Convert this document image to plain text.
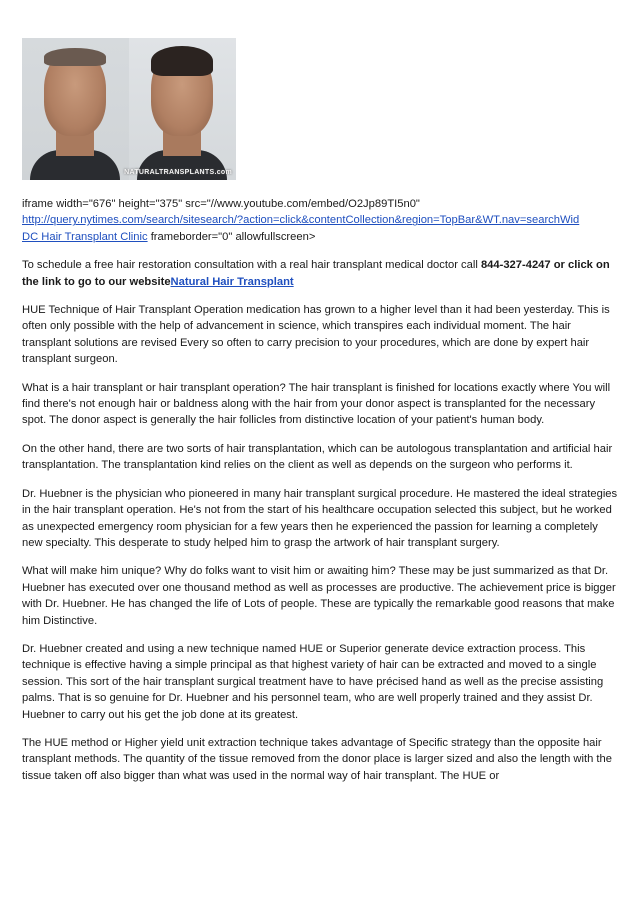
NATURALTRANSPLANTS.com

iframe width="676" height="375" src="//www.youtube.com/embed/O2Jp89TI5n0"
http://query.nytimes.com/search/sitesearch/?action=click&contentCollection&region=TopBar&WT.nav=searchWid
DC Hair Transplant Clinic frameborder="0" allowfullscreen>

To schedule a free hair restoration consultation with a real hair transplant medical doctor call 844-327-4247 or click on the link to go to our websiteNatural Hair Transplant

HUE Technique of Hair Transplant Operation medication has grown to a higher level than it had been yesterday. This is often only possible with the help of advancement in science, which transpires each individual moment. The hair transplant solutions are revised Every so often to carry precision to your procedures, which are done by expert hair transplant surgeon.

What is a hair transplant or hair transplant operation? The hair transplant is finished for locations exactly where You will find there's not enough hair or baldness along with the hair from your donor aspect is transplanted for the necessary spot. The donor aspect is generally the hair follicles from distinctive location of your patient's human body.

On the other hand, there are two sorts of hair transplantation, which can be autologous transplantation and artificial hair transplantation. The transplantation kind relies on the client as well as depends on the surgeon who performs it.

Dr. Huebner is the physician who pioneered in many hair transplant surgical procedure. He mastered the ideal strategies in the hair transplant operation. He's not from the start of his healthcare occupation selected this subject, but he worked as unexpected emergency room physician for a few years then he experienced the passion for learning a completely new specialty. This desperate to study helped him to grasp the artwork of hair transplant surgery.

What will make him unique? Why do folks want to visit him or awaiting him? These may be just summarized as that Dr. Huebner has executed over one thousand method as well as processes are productive. The achievement price is bigger with Dr. Huebner. He has changed the life of Lots of people. These are typically the remarkable good reasons that make him Distinctive.

Dr. Huebner created and using a new technique named HUE or Superior generate device extraction process. This technique is effective having a simple principal as that highest variety of hair can be extracted and moved to a single session. This sort of the hair transplant surgical treatment have to have précised hand as well as the precise assisting palms. That is so genuine for Dr. Huebner and his personnel team, who are well properly trained and they assist Dr. Huebner to carry out his get the job done at its greatest.

The HUE method or Higher yield unit extraction technique takes advantage of Specific strategy than the opposite hair transplant methods. The quantity of the tissue removed from the donor place is larger sized and also the length with the tissue taken off also bigger than what was used in the normal way of hair transplant. The HUE or
